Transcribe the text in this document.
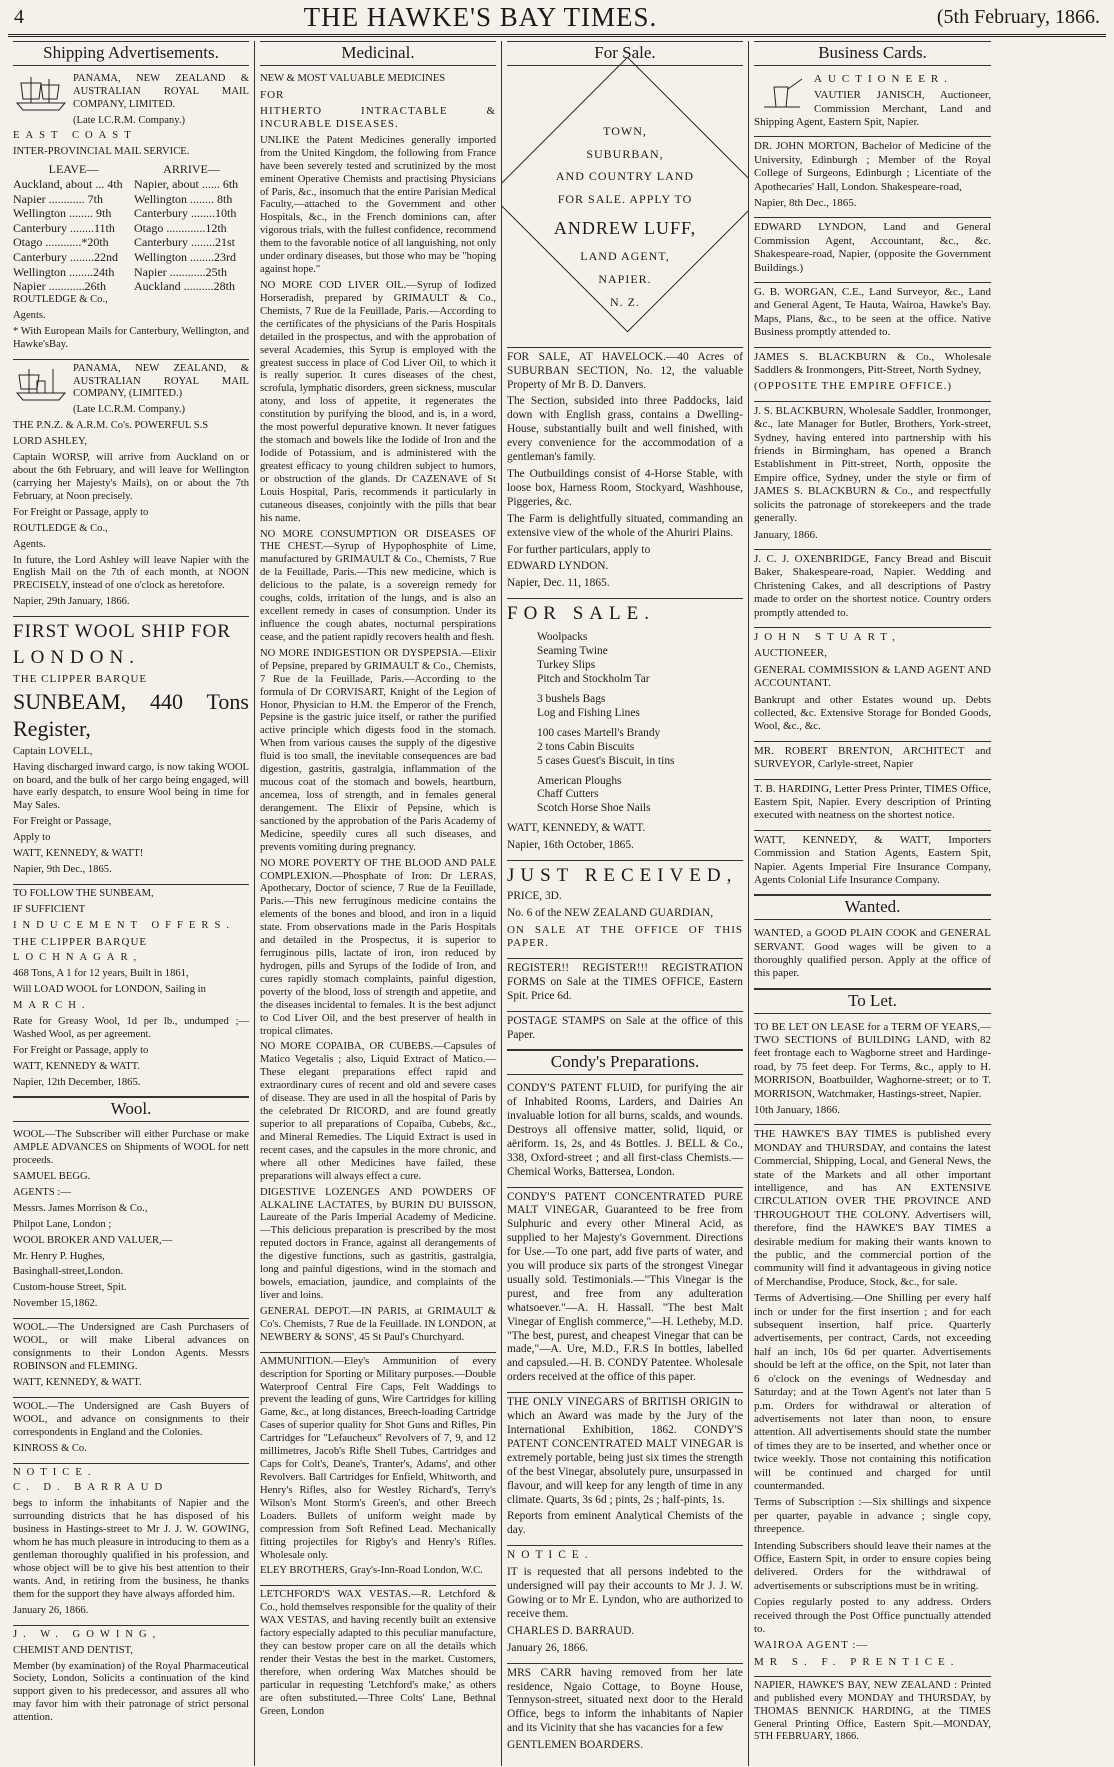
4	THE HAWKE'S BAY TIMES.	(5th February, 1866.
Shipping Advertisements.

PANAMA, NEW ZEALAND & AUSTRALIAN ROYAL MAIL COMPANY, LIMITED.

(Late I.C.R.M. Company.)

EAST COAST

INTER-PROVINCIAL MAIL SERVICE.

LEAVE—	ARRIVE—
Auckland, about ... 4th	Napier, about ...... 6th
Napier ............ 7th	Wellington ........ 8th
Wellington ........ 9th	Canterbury ........10th
Canterbury ........11th	Otago .............12th
Otago ............*20th	Canterbury ........21st
Canterbury ........22nd	Wellington ........23rd
Wellington ........24th	Napier ............25th
Napier ............26th	Auckland ..........28th

ROUTLEDGE & Co.,

Agents.

* With European Mails for Canterbury, Wellington, and Hawke'sBay.

PANAMA, NEW ZEALAND, & AUSTRALIAN ROYAL MAIL COMPANY, (LIMITED.)

(Late I.C.R.M. Company.)

THE P.N.Z. & A.R.M. Co's. POWERFUL S.S

LORD ASHLEY,

Captain WORSP, will arrive from Auckland on or about the 6th February, and will leave for Wellington (carrying her Majesty's Mails), on or about the 7th February, at Noon precisely.

For Freight or Passage, apply to

ROUTLEDGE & Co.,

Agents.

In future, the Lord Ashley will leave Napier with the English Mail on the 7th of each month, at NOON PRECISELY, instead of one o'clock as heretofore.

Napier, 29th January, 1866.

FIRST WOOL SHIP FOR

LONDON.

THE CLIPPER BARQUE

SUNBEAM, 440 Tons Register,

Captain LOVELL,

Having discharged inward cargo, is now taking WOOL on board, and the bulk of her cargo being engaged, will have early despatch, to ensure Wool being in time for May Sales.

For Freight or Passage,

Apply to

WATT, KENNEDY, & WATT!

Napier, 9th Dec., 1865.

TO FOLLOW THE SUNBEAM,

IF SUFFICIENT

INDUCEMENT OFFERS.

THE CLIPPER BARQUE

LOCHNAGAR,

468 Tons, A 1 for 12 years, Built in 1861,

Will LOAD WOOL for LONDON, Sailing in

MARCH.

Rate for Greasy Wool, 1d per lb., undumped ;— Washed Wool, as per agreement.

For Freight or Passage, apply to

WATT, KENNEDY & WATT.

Napier, 12th December, 1865.

Wool.

WOOL—The Subscriber will either Purchase or make AMPLE ADVANCES on Shipments of WOOL for nett proceeds.

SAMUEL BEGG.

AGENTS :—

Messrs. James Morrison & Co.,

Philpot Lane, London ;

WOOL BROKER AND VALUER,—

Mr. Henry P. Hughes,

Basinghall-street,London.

Custom-house Street, Spit.

November 15,1862.

WOOL.—The Undersigned are Cash Purchasers of WOOL, or will make Liberal advances on consignments to their London Agents. Messrs ROBINSON and FLEMING.

WATT, KENNEDY, & WATT.

WOOL.—The Undersigned are Cash Buyers of WOOL, and advance on consignments to their correspondents in England and the Colonies.

KINROSS & Co.

NOTICE.

C. D. BARRAUD

begs to inform the inhabitants of Napier and the surrounding districts that he has disposed of his business in Hastings-street to Mr J. J. W. GOWING, whom he has much pleasure in introducing to them as a gentleman thoroughly qualified in his profession, and whose object will be to give his best attention to their wants. And, in retiring from the business, he thanks them for the support they have always afforded him.

January 26, 1866.

J. W. GOWING,

CHEMIST AND DENTIST,

Member (by examination) of the Royal Pharmaceutical Society, London, Solicits a continuation of the kind support given to his predecessor, and assures all who may favor him with their patronage of strict personal attention.

Medicinal.

NEW & MOST VALUABLE MEDICINES

FOR

HITHERTO INTRACTABLE & INCURABLE DISEASES.

UNLIKE the Patent Medicines generally imported from the United Kingdom, the following from France have been severely tested and scrutinized by the most eminent Operative Chemists and practising Physicians of Paris, &c., insomuch that the entire Parisian Medical Faculty,—attached to the Government and other Hospitals, &c., in the French dominions can, after vigorous trials, with the fullest confidence, recommend them to the favorable notice of all languishing, not only under ordinary diseases, but those who may be "hoping against hope."

NO MORE COD LIVER OIL.—Syrup of Iodized Horseradish, prepared by GRIMAULT & Co., Chemists, 7 Rue de la Feuillade, Paris.—According to the certificates of the physicians of the Paris Hospitals detailed in the prospectus, and with the approbation of several Academies, this Syrup is employed with the greatest success in place of Cod Liver Oil, to which it is really superior. It cures diseases of the chest, scrofula, lymphatic disorders, green sickness, muscular atony, and loss of appetite, it regenerates the constitution by purifying the blood, and is, in a word, the most powerful depurative known. It never fatigues the stomach and bowels like the Iodide of Iron and the Iodide of Potassium, and is administered with the greatest efficacy to young children subject to humors, or obstruction of the glands. Dr CAZENAVE of St Louis Hospital, Paris, recommends it particularly in cutaneous diseases, conjointly with the pills that bear his name.

NO MORE CONSUMPTION OR DISEASES OF THE CHEST.—Syrup of Hypophosphite of Lime, manufactured by GRIMAULT & Co., Chemists, 7 Rue de la Feuillade, Paris.—This new medicine, which is delicious to the palate, is a sovereign remedy for coughs, colds, irritation of the lungs, and is also an excellent remedy in cases of consumption. Under its influence the cough abates, nocturnal perspirations cease, and the patient rapidly recovers health and flesh.

NO MORE INDIGESTION OR DYSPEPSIA.—Elixir of Pepsine, prepared by GRIMAULT & Co., Chemists, 7 Rue de la Feuillade, Paris.—According to the formula of Dr CORVISART, Knight of the Legion of Honor, Physician to H.M. the Emperor of the French, Pepsine is the gastric juice itself, or rather the purified active principle which digests food in the stomach. When from various causes the supply of the digestive fluid is too small, the inevitable consequences are bad digestion, gastritis, gastralgia, inflammation of the mucous coat of the stomach and bowels, heartburn, ancemea, loss of strength, and in females general derangement. The Elixir of Pepsine, which is sanctioned by the approbation of the Paris Academy of Medicine, speedily cures all such diseases, and prevents vomiting during pregnancy.

NO MORE POVERTY OF THE BLOOD AND PALE COMPLEXION.—Phosphate of Iron: Dr LERAS, Apothecary, Doctor of science, 7 Rue de la Feuillade, Paris.—This new ferruginous medicine contains the elements of the bones and blood, and iron in a liquid state. From observations made in the Paris Hospitals and detailed in the Prospectus, it is superior to ferruginous pills, lactate of iron, iron reduced by hydrogen, pills and Syrups of the Iodide of Iron, and cures rapidly stomach complaints, painful digestion, poverty of the blood, loss of strength and appetite, and the diseases incidental to females. It is the best adjunct to Cod Liver Oil, and the best preserver of health in tropical climates.

NO MORE COPAIBA, OR CUBEBS.—Capsules of Matico Vegetalis ; also, Liquid Extract of Matico.—These elegant preparations effect rapid and extraordinary cures of recent and old and severe cases of disease. They are used in all the hospital of Paris by the celebrated Dr RICORD, and are found greatly superior to all preparations of Copaiba, Cubebs, &c., and Mineral Remedies. The Liquid Extract is used in recent cases, and the capsules in the more chronic, and where all other Medicines have failed, these preparations will always effect a cure.

DIGESTIVE LOZENGES AND POWDERS OF ALKALINE LACTATES, by BURIN DU BUISSON, Laureate of the Paris Imperial Academy of Medicine.—This delicious preparation is prescribed by the most reputed doctors in France, against all derangements of the digestive functions, such as gastritis, gastralgia, long and painful digestions, wind in the stomach and bowels, emaciation, jaundice, and complaints of the liver and loins.

GENERAL DEPOT.—IN PARIS, at GRIMAULT & Co's. Chemists, 7 Rue de la Feuillade. IN LONDON, at NEWBERY & SONS', 45 St Paul's Churchyard.

AMMUNITION.—Eley's Ammunition of every description for Sporting or Military purposes.—Double Waterproof Central Fire Caps, Felt Waddings to prevent the leading of guns, Wire Cartridges for killing Game, &c., at long distances, Breech-loading Cartridge Cases of superior quality for Shot Guns and Rifles, Pin Cartridges for "Lefaucheux" Revolvers of 7, 9, and 12 millimetres, Jacob's Rifle Shell Tubes, Cartridges and Caps for Colt's, Deane's, Tranter's, Adams', and other Revolvers. Ball Cartridges for Enfield, Whitworth, and Henry's Rifles, also for Westley Richard's, Terry's Wilson's Mont Storm's Green's, and other Breech Loaders. Bullets of uniform weight made by compression from Soft Refined Lead. Mechanically fitting projectiles for Rigby's and Henry's Rifles. Wholesale only.

ELEY BROTHERS, Gray's-Inn-Road London, W.C.

LETCHFORD'S WAX VESTAS.—R. Letchford & Co., hold themselves responsible for the quality of their WAX VESTAS, and having recently built an extensive factory especially adapted to this peculiar manufacture, they can bestow proper care on all the details which render their Vestas the best in the market. Customers, therefore, when ordering Wax Matches should be particular in requesting 'Letchford's make,' as others are often substituted.—Three Colts' Lane, Bethnal Green, London

For Sale.
TOWN,
SUBURBAN,
AND COUNTRY LAND
FOR SALE. APPLY TO
ANDREW LUFF,
LAND AGENT,
NAPIER.
N. Z.

FOR SALE, AT HAVELOCK.—40 Acres of SUBURBAN SECTION, No. 12, the valuable Property of Mr B. D. Danvers.

The Section, subsided into three Paddocks, laid down with English grass, contains a Dwelling-House, substantially built and well finished, with every convenience for the accommodation of a gentleman's family.

The Outbuildings consist of 4-Horse Stable, with loose box, Harness Room, Stockyard, Washhouse, Piggeries, &c.

The Farm is delightfully situated, commanding an extensive view of the whole of the Ahuriri Plains.

For further particulars, apply to

EDWARD LYNDON.

Napier, Dec. 11, 1865.

FOR SALE.

Woolpacks
Seaming Twine
Turkey Slips
Pitch and Stockholm Tar
3 bushels Bags
Log and Fishing Lines
100 cases Martell's Brandy
2 tons Cabin Biscuits
5 cases Guest's Biscuit, in tins
American Ploughs
Chaff Cutters
Scotch Horse Shoe Nails

WATT, KENNEDY, & WATT.

Napier, 16th October, 1865.

JUST RECEIVED,

PRICE, 3D.

No. 6 of the NEW ZEALAND GUARDIAN,

ON SALE AT THE OFFICE OF THIS PAPER.

REGISTER!! REGISTER!!! REGISTRATION FORMS on Sale at the TIMES OFFICE, Eastern Spit. Price 6d.

POSTAGE STAMPS on Sale at the office of this Paper.

Condy's Preparations.

CONDY'S PATENT FLUID, for purifying the air of Inhabited Rooms, Larders, and Dairies An invaluable lotion for all burns, scalds, and wounds. Destroys all offensive matter, solid, liquid, or aëriform. 1s, 2s, and 4s Bottles. J. BELL & Co., 338, Oxford-street ; and all first-class Chemists.—Chemical Works, Battersea, London.

CONDY'S PATENT CONCENTRATED PURE MALT VINEGAR, Guaranteed to be free from Sulphuric and every other Mineral Acid, as supplied to her Majesty's Government. Directions for Use.—To one part, add five parts of water, and you will produce six parts of the strongest Vinegar usually sold. Testimonials.—"This Vinegar is the purest, and free from any adulteration whatsoever."—A. H. Hassall. "The best Malt Vinegar of English commerce,"—H. Letheby, M.D. "The best, purest, and cheapest Vinegar that can be made,"—A. Ure, M.D., F.R.S In bottles, labelled and capsuled.—H. B. CONDY Patentee. Wholesale orders received at the office of this paper.

THE ONLY VINEGARS of BRITISH ORIGIN to which an Award was made by the Jury of the International Exhibition, 1862. CONDY'S PATENT CONCENTRATED MALT VINEGAR is extremely portable, being just six times the strength of the best Vinegar, absolutely pure, unsurpassed in flavour, and will keep for any length of time in any climate. Quarts, 3s 6d ; pints, 2s ; half-pints, 1s.

Reports from eminent Analytical Chemists of the day.

NOTICE.

IT is requested that all persons indebted to the undersigned will pay their accounts to Mr J. J. W. Gowing or to Mr E. Lyndon, who are authorized to receive them.

CHARLES D. BARRAUD.

January 26, 1866.

MRS CARR having removed from her late residence, Ngaio Cottage, to Boyne House, Tennyson-street, situated next door to the Herald Office, begs to inform the inhabitants of Napier and its Vicinity that she has vacancies for a few

GENTLEMEN BOARDERS.

Business Cards.

AUCTIONEER.

VAUTIER JANISCH, Auctioneer, Commission Merchant, Land and Shipping Agent, Eastern Spit, Napier.

DR. JOHN MORTON, Bachelor of Medicine of the University, Edinburgh ; Member of the Royal College of Surgeons, Edinburgh ; Licentiate of the Apothecaries' Hall, London. Shakespeare-road,

Napier, 8th Dec., 1865.

EDWARD LYNDON, Land and General Commission Agent, Accountant, &c., &c. Shakespeare-road, Napier, (opposite the Government Buildings.)

G. B. WORGAN, C.E., Land Surveyor, &c., Land and General Agent, Te Hauta, Wairoa, Hawke's Bay. Maps, Plans, &c., to be seen at the office. Native Business promptly attended to.

JAMES S. BLACKBURN & Co., Wholesale Saddlers & Ironmongers, Pitt-Street, North Sydney,

(OPPOSITE THE EMPIRE OFFICE.)

J. S. BLACKBURN, Wholesale Saddler, Ironmonger, &c., late Manager for Butler, Brothers, York-street, Sydney, having entered into partnership with his friends in Birmingham, has opened a Branch Establishment in Pitt-street, North, opposite the Empire office, Sydney, under the style or firm of JAMES S. BLACKBURN & Co., and respectfully solicits the patronage of storekeepers and the trade generally.

January, 1866.

J. C. J. OXENBRIDGE, Fancy Bread and Biscuit Baker, Shakespeare-road, Napier. Wedding and Christening Cakes, and all descriptions of Pastry made to order on the shortest notice. Country orders promptly attended to.

JOHN STUART,

AUCTIONEER,

GENERAL COMMISSION & LAND AGENT AND ACCOUNTANT.

Bankrupt and other Estates wound up. Debts collected, &c. Extensive Storage for Bonded Goods, Wool, &c., &c.

MR. ROBERT BRENTON, ARCHITECT and SURVEYOR, Carlyle-street, Napier

T. B. HARDING, Letter Press Printer, TIMES Office, Eastern Spit, Napier. Every description of Printing executed with neatness on the shortest notice.

WATT, KENNEDY, & WATT, Importers Commission and Station Agents, Eastern Spit, Napier. Agents Imperial Fire Insurance Company, Agents Colonial Life Insurance Company.

Wanted.

WANTED, a GOOD PLAIN COOK and GENERAL SERVANT. Good wages will be given to a thoroughly qualified person. Apply at the office of this paper.

To Let.

TO BE LET ON LEASE for a TERM OF YEARS,—TWO SECTIONS of BUILDING LAND, with 82 feet frontage each to Wagborne street and Hardinge-road, by 75 feet deep. For Terms, &c., apply to H. MORRISON, Boatbuilder, Waghorne-street; or to T. MORRISON, Watchmaker, Hastings-street, Napier.

10th January, 1866.

THE HAWKE'S BAY TIMES is published every MONDAY and THURSDAY, and contains the latest Commercial, Shipping, Local, and General News, the state of the Markets and all other important intelligence, and has AN EXTENSIVE CIRCULATION OVER THE PROVINCE AND THROUGHOUT THE COLONY. Advertisers will, therefore, find the HAWKE'S BAY TIMES a desirable medium for making their wants known to the public, and the commercial portion of the community will find it advantageous in giving notice of Merchandise, Produce, Stock, &c., for sale.

Terms of Advertising.—One Shilling per every half inch or under for the first insertion ; and for each subsequent insertion, half price. Quarterly advertisements, per contract, Cards, not exceeding half an inch, 10s 6d per quarter. Advertisements should be left at the office, on the Spit, not later than 6 o'clock on the evenings of Wednesday and Saturday; and at the Town Agent's not later than 5 p.m. Orders for withdrawal or alteration of advertisements not later than noon, to ensure attention. All advertisements should state the number of times they are to be inserted, and whether once or twice weekly. Those not containing this notification will be continued and charged for until countermanded.

Terms of Subscription :—Six shillings and sixpence per quarter, payable in advance ; single copy, threepence.

Intending Subscribers should leave their names at the Office, Eastern Spit, in order to ensure copies being delivered. Orders for the withdrawal of advertisements or subscriptions must be in writing.

Copies regularly posted to any address. Orders received through the Post Office punctually attended to.

WAIROA AGENT :—

MR S. F. PRENTICE.

NAPIER, HAWKE'S BAY, NEW ZEALAND : Printed and published every MONDAY and THURSDAY, by THOMAS BENNICK HARDING, at the TIMES General Printing Office, Eastern Spit.—MONDAY, 5TH FEBRUARY, 1866.
